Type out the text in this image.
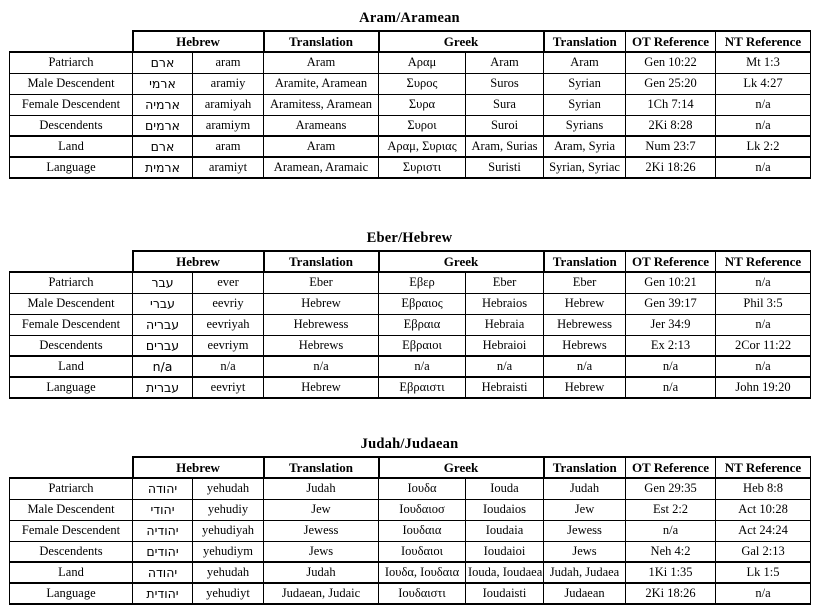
Aram/Aramean
	Hebrew		Translation	Greek		Translation	OT Reference	NT Reference
Patriarch	ארם	aram	Aram	Αραμ	Aram	Aram	Gen 10:22	Mt 1:3
Male Descendent	ארמי	aramiy	Aramite, Aramean	Συρος	Suros	Syrian	Gen 25:20	Lk 4:27
Female Descendent	ארמיה	aramiyah	Aramitess, Aramean	Συρα	Sura	Syrian	1Ch 7:14	n/a
Descendents	ארמים	aramiym	Arameans	Συροι	Suroi	Syrians	2Ki 8:28	n/a
Land	ארם	aram	Aram	Αραμ, Συριας	Aram, Surias	Aram, Syria	Num 23:7	Lk 2:2
Language	ארמית	aramiyt	Aramean, Aramaic	Συριστι	Suristi	Syrian, Syriac	2Ki 18:26	n/a
Eber/Hebrew
	Hebrew		Translation	Greek		Translation	OT Reference	NT Reference
Patriarch	עבר	ever	Eber	Εβερ	Eber	Eber	Gen 10:21	n/a
Male Descendent	עברי	eevriy	Hebrew	Εβραιος	Hebraios	Hebrew	Gen 39:17	Phil 3:5
Female Descendent	עבריה	eevriyah	Hebrewess	Εβραια	Hebraia	Hebrewess	Jer 34:9	n/a
Descendents	עברים	eevriym	Hebrews	Εβραιοι	Hebraioi	Hebrews	Ex 2:13	2Cor 11:22
Land	n/a	n/a	n/a	n/a	n/a	n/a	n/a	n/a
Language	עברית	eevriyt	Hebrew	Εβραιστι	Hebraisti	Hebrew	n/a	John 19:20
Judah/Judaean
	Hebrew		Translation	Greek		Translation	OT Reference	NT Reference
Patriarch	יהודה	yehudah	Judah	Ιουδα	Iouda	Judah	Gen 29:35	Heb 8:8
Male Descendent	יהודי	yehudiy	Jew	Ιουδαιοσ	Ioudaios	Jew	Est 2:2	Act 10:28
Female Descendent	יהודיה	yehudiyah	Jewess	Ιουδαια	Ioudaia	Jewess	n/a	Act 24:24
Descendents	יהודים	yehudiym	Jews	Ιουδαιοι	Ioudaioi	Jews	Neh 4:2	Gal 2:13
Land	יהודה	yehudah	Judah	Ιουδα, Ιουδαια	Iouda, Ioudaea	Judah, Judaea	1Ki 1:35	Lk 1:5
Language	יהודית	yehudiyt	Judaean, Judaic	Ιουδαιστι	Ioudaisti	Judaean	2Ki 18:26	n/a
